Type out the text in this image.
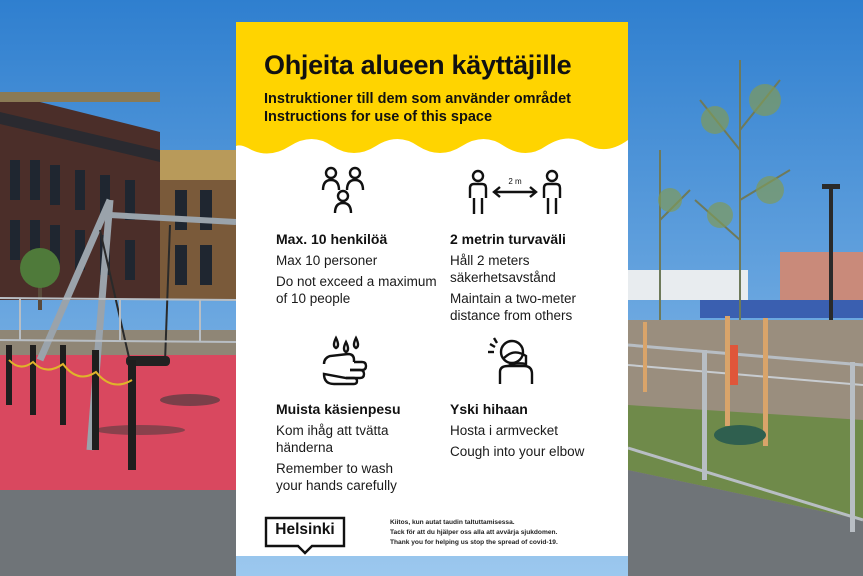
Ohjeita alueen käyttäjille
Instruktioner till dem som använder området
Instructions for use of this space
Max. 10 henkilöä
Max 10 personer
Do not exceed a maximum of 10 people
2 m
2 metrin turvaväli
Håll 2 meters säkerhetsavstånd
Maintain a two-meter distance from others
Muista käsienpesu
Kom ihåg att tvätta händerna
Remember to wash your hands carefully
Yski hihaan
Hosta i armvecket
Cough into your elbow
Helsinki	Kiitos, kun autat taudin taltuttamisessa.
Tack för att du hjälper oss alla att avvärja sjukdomen.
Thank you for helping us stop the spread of covid-19.
